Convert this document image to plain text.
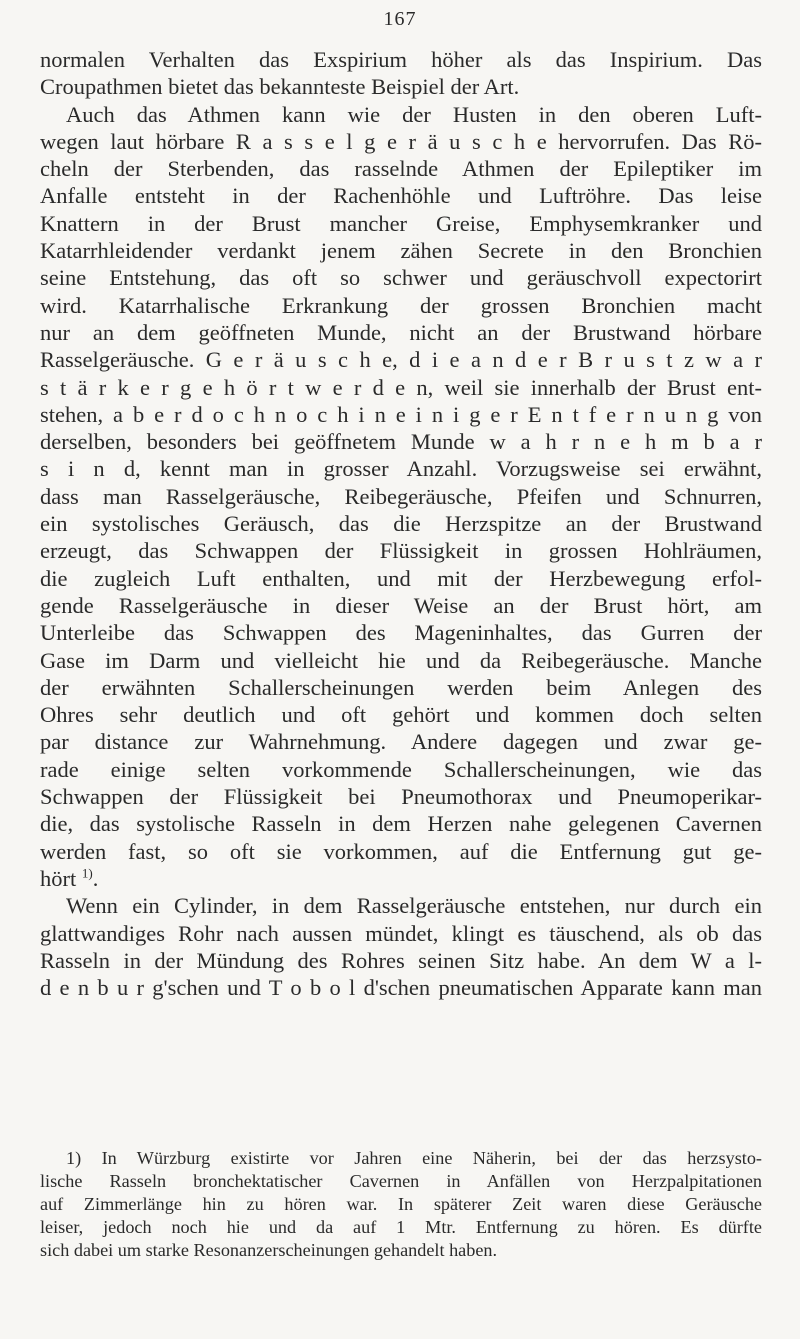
167
normalen Verhalten das Exspirium höher als das Inspirium. Das
Croupathmen bietet das bekannteste Beispiel der Art.
Auch das Athmen kann wie der Husten in den oberen Luft-
wegen laut hörbare R a s s e l g e r ä u s c h e hervorrufen. Das Rö-
cheln der Sterbenden, das rasselnde Athmen der Epileptiker im
Anfalle entsteht in der Rachenhöhle und Luftröhre. Das leise
Knattern in der Brust mancher Greise, Emphysemkranker und
Katarrhleidender verdankt jenem zähen Secrete in den Bronchien
seine Entstehung, das oft so schwer und geräuschvoll expectorirt
wird. Katarrhalische Erkrankung der grossen Bronchien macht
nur an dem geöffneten Munde, nicht an der Brustwand hörbare
Rasselgeräusche. G e r ä u s c h e, d i e a n d e r B r u s t z w a r
s t ä r k e r g e h ö r t w e r d e n, weil sie innerhalb der Brust ent-
stehen, a b e r d o c h n o c h i n e i n i g e r E n t f e r n u n g von
derselben, besonders bei geöffnetem Munde w a h r n e h m b a r
s i n d, kennt man in grosser Anzahl. Vorzugsweise sei erwähnt,
dass man Rasselgeräusche, Reibegeräusche, Pfeifen und Schnurren,
ein systolisches Geräusch, das die Herzspitze an der Brustwand
erzeugt, das Schwappen der Flüssigkeit in grossen Hohlräumen,
die zugleich Luft enthalten, und mit der Herzbewegung erfol-
gende Rasselgeräusche in dieser Weise an der Brust hört, am
Unterleibe das Schwappen des Mageninhaltes, das Gurren der
Gase im Darm und vielleicht hie und da Reibegeräusche. Manche
der erwähnten Schallerscheinungen werden beim Anlegen des
Ohres sehr deutlich und oft gehört und kommen doch selten
par distance zur Wahrnehmung. Andere dagegen und zwar ge-
rade einige selten vorkommende Schallerscheinungen, wie das
Schwappen der Flüssigkeit bei Pneumothorax und Pneumoperikar-
die, das systolische Rasseln in dem Herzen nahe gelegenen Cavernen
werden fast, so oft sie vorkommen, auf die Entfernung gut ge-
hört $^{1)}$.
Wenn ein Cylinder, in dem Rasselgeräusche entstehen, nur durch ein
glattwandiges Rohr nach aussen mündet, klingt es täuschend, als ob das
Rasseln in der Mündung des Rohres seinen Sitz habe. An dem W a l-
d e n b u r g'schen und T o b o l d'schen pneumatischen Apparate kann man
1) In Würzburg existirte vor Jahren eine Näherin, bei der das herzsysto-
lische Rasseln bronchektatischer Cavernen in Anfällen von Herzpalpitationen
auf Zimmerlänge hin zu hören war. In späterer Zeit waren diese Geräusche
leiser, jedoch noch hie und da auf 1 Mtr. Entfernung zu hören. Es dürfte
sich dabei um starke Resonanzerscheinungen gehandelt haben.
